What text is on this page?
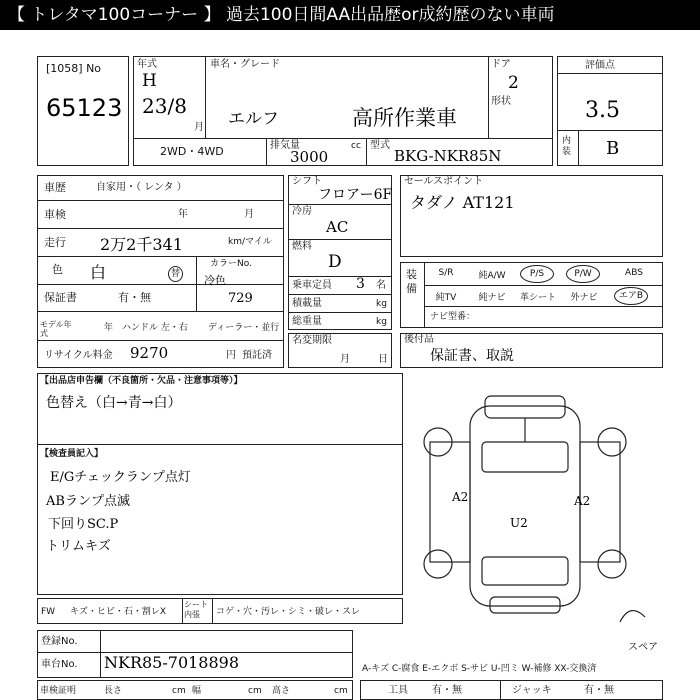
【 トレタマ100コーナー 】 過去100日間AA出品歴or成約歴のない車両
[1058] No
65123
年式
H
23/8
月
車名・グレード
エルフ	高所作業車
ドア
2
形状
2WD・4WD	排気量	cc
3000
型式
BKG-NKR85N
評価点
3.5
内装 B
車歴	自家用・（ レンタ ）
車検	年	月
走行 2万2千341	km/マイル
色 白	替
カラーNo.
冷色
729
保証書	有・無
モデル年式
年 ハンドル 左・右 ディーラー・並行
リサイクル料金 9270	円 預託済
シフト
フロアー6F
冷房
AC
燃料
D
乗車定員 3 名
積載量	kg
総重量	kg
名変期限
月	日
セールスポイント
タダノ AT121
装備
S/R	純A/W	P/S	P/W	ABS
純TV	純ナビ	革シート	外ナビ	エアB
ナビ型番：
後付品
保証書、取説
【出品店申告欄（不良箇所・欠品・注意事項等）】
色替え（白→青→白）
【検査員記入】
E/Gチェックランプ点灯
ABランプ点滅
下回りSC.P
トリムキズ
A2	A2
U2
スペア
FW キズ・ヒビ・石・割レX
シート内張	コゲ・穴・汚レ・シミ・破レ・スレ
登録No.
車台No. NKR85-7018898	A-キズ C-腐食 E-エクボ S-サビ U-凹ミ W-補修 XX-交換済
車検証明	長さ	cm 幅	cm 高さ	cm	工具 有・無	ジャッキ	有・無
